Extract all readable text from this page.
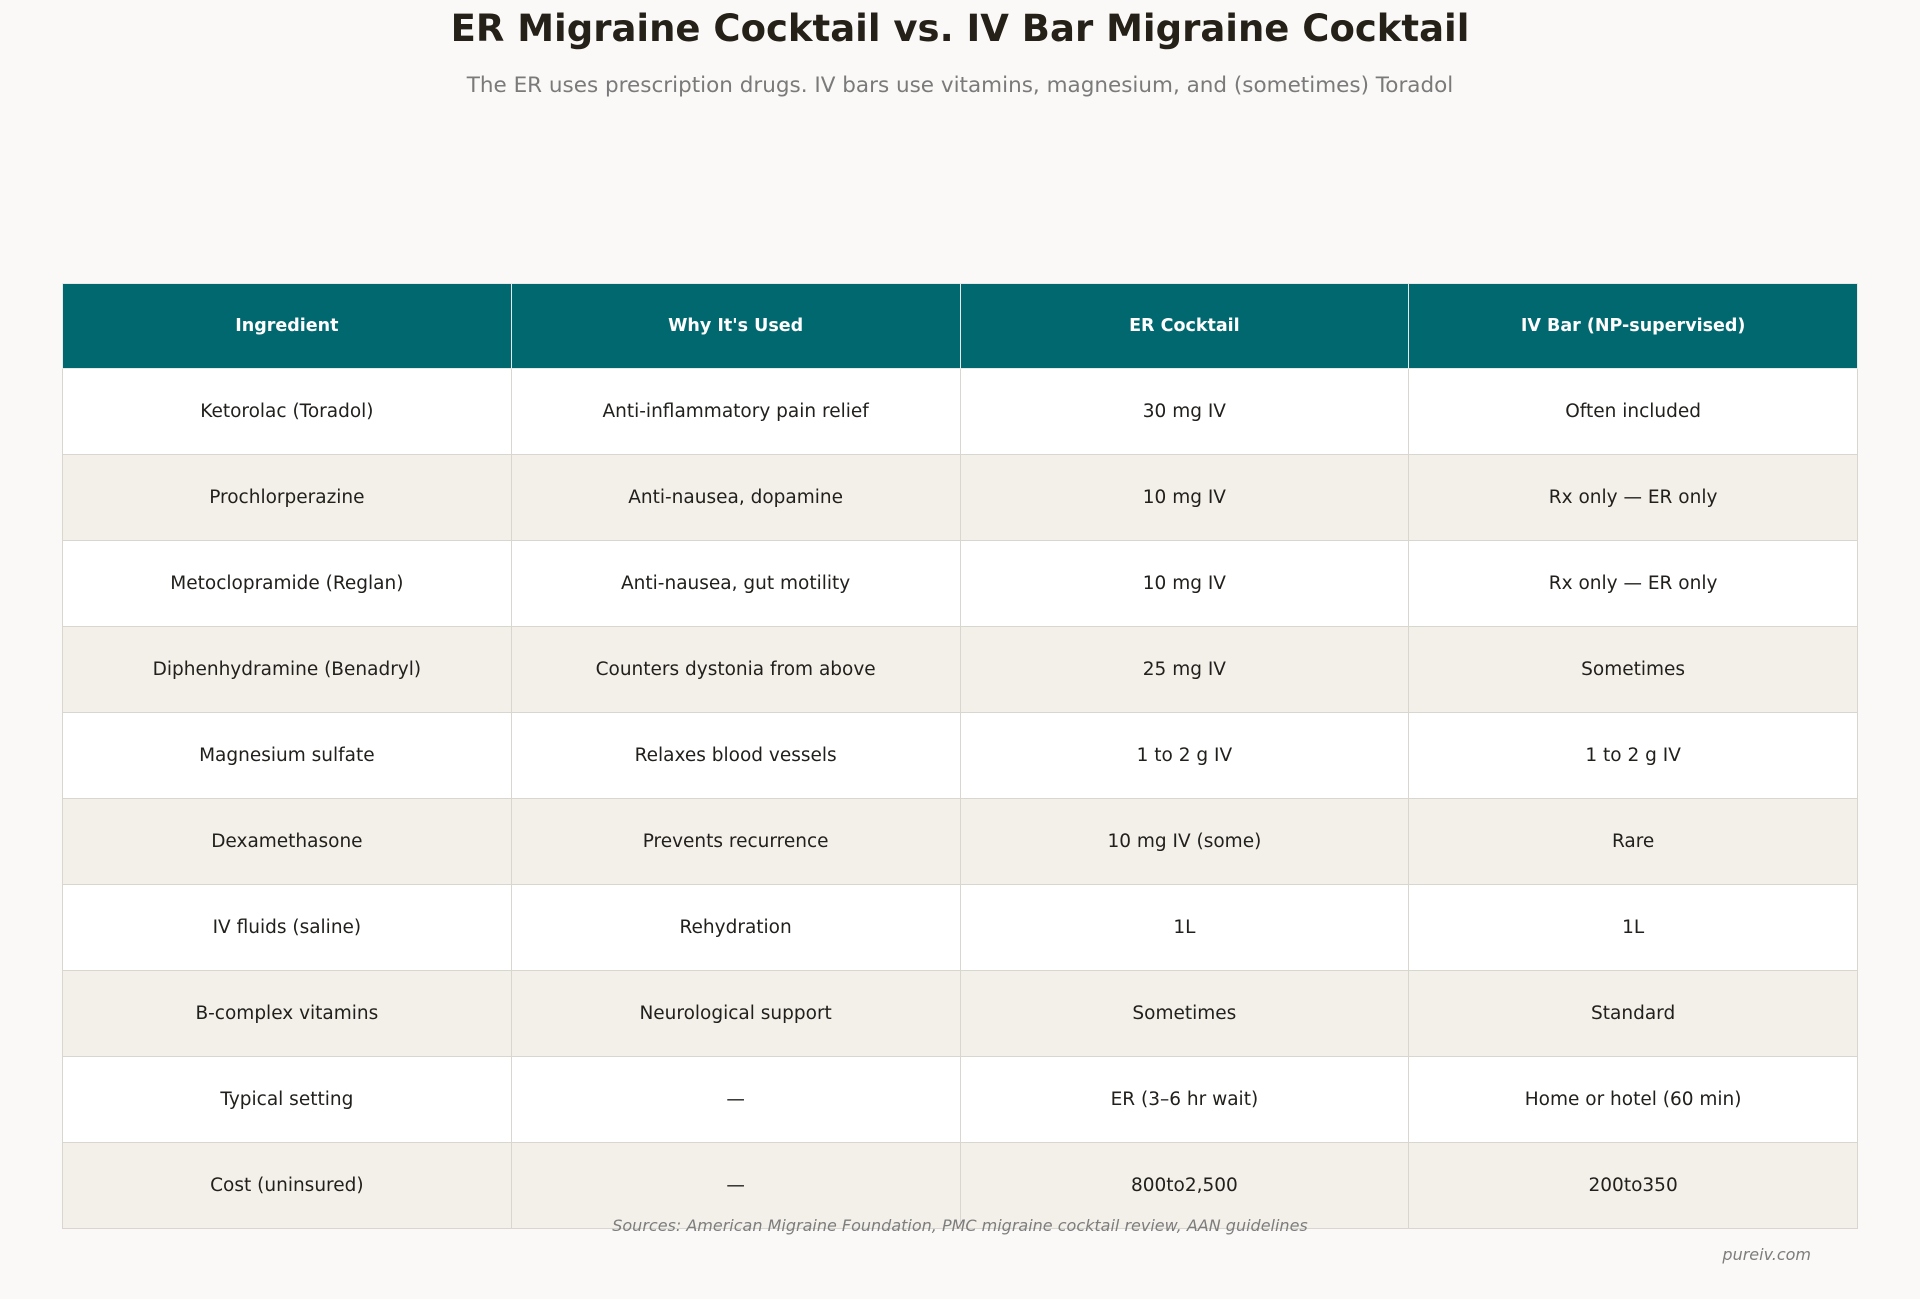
ER Migraine Cocktail vs. IV Bar Migraine Cocktail

The ER uses prescription drugs. IV bars use vitamins, magnesium, and (sometimes) Toradol

Ingredient	Why It's Used	ER Cocktail	IV Bar (NP-supervised)
Ketorolac (Toradol)	Anti-inflammatory pain relief	30 mg IV	Often included
Prochlorperazine	Anti-nausea, dopamine	10 mg IV	Rx only — ER only
Metoclopramide (Reglan)	Anti-nausea, gut motility	10 mg IV	Rx only — ER only
Diphenhydramine (Benadryl)	Counters dystonia from above	25 mg IV	Sometimes
Magnesium sulfate	Relaxes blood vessels	1 to 2 g IV	1 to 2 g IV
Dexamethasone	Prevents recurrence	10 mg IV (some)	Rare
IV fluids (saline)	Rehydration	1L	1L
B-complex vitamins	Neurological support	Sometimes	Standard
Typical setting	—	ER (3–6 hr wait)	Home or hotel (60 min)
Cost (uninsured)	—	800to2,500	200to350
Sources: American Migraine Foundation, PMC migraine cocktail review, AAN guidelines
pureiv.com
